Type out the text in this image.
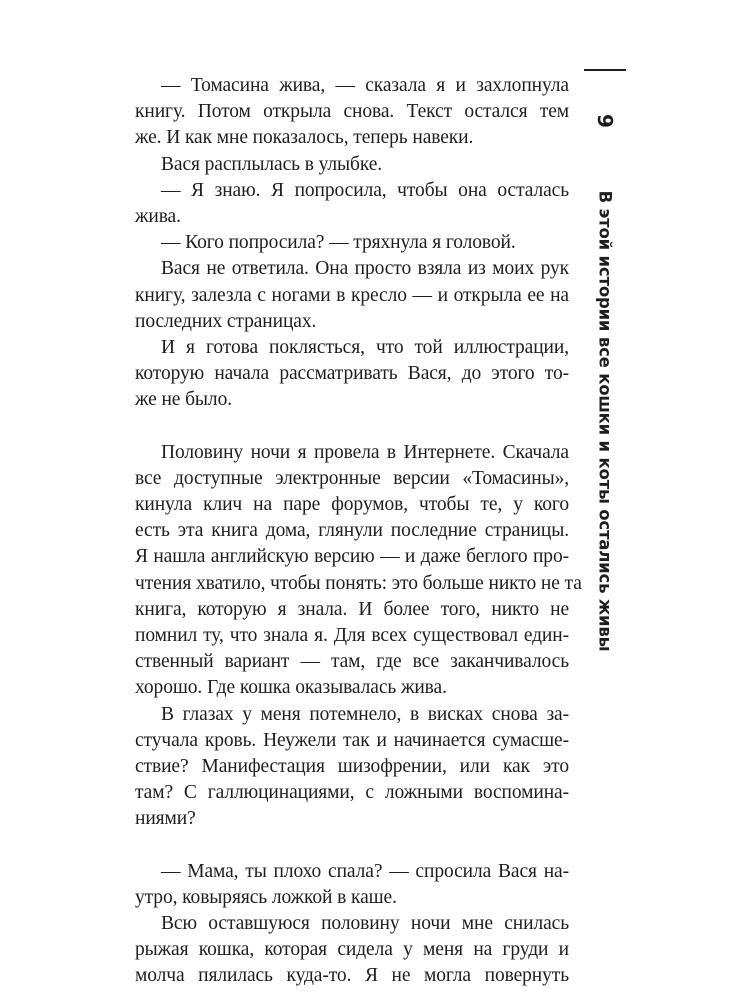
— Томасина жива, — сказала я и захлопнула
книгу. Потом открыла снова. Текст остался тем
же. И как мне показалось, теперь навеки.
Вася расплылась в улыбке.
— Я знаю. Я попросила, чтобы она осталась
жива.
— Кого попросила? — тряхнула я головой.
Вася не ответила. Она просто взяла из моих рук
книгу, залезла с ногами в кресло — и открыла ее на
последних страницах.
И я готова поклясться, что той иллюстрации,
которую начала рассматривать Вася, до этого то-
же не было.
Половину ночи я провела в Интернете. Скачала
все доступные электронные версии «Томасины»,
кинула клич на паре форумов, чтобы те, у кого
есть эта книга дома, глянули последние страницы.
Я нашла английскую версию — и даже беглого про-
чтения хватило, чтобы понять: это больше никто не та
книга, которую я знала. И более того, никто не
помнил ту, что знала я. Для всех существовал един-
ственный вариант — там, где все заканчивалось
хорошо. Где кошка оказывалась жива.
В глазах у меня потемнело, в висках снова за-
стучала кровь. Неужели так и начинается сумасше-
ствие? Манифестация шизофрении, или как это
там? С галлюцинациями, с ложными воспомина-
ниями?
— Мама, ты плохо спала? — спросила Вася на-
утро, ковыряясь ложкой в каше.
Всю оставшуюся половину ночи мне снилась
рыжая кошка, которая сидела у меня на груди и
молча пялилась куда-то. Я не могла повернуть
9
В этой истории все кошки и коты остались живы
